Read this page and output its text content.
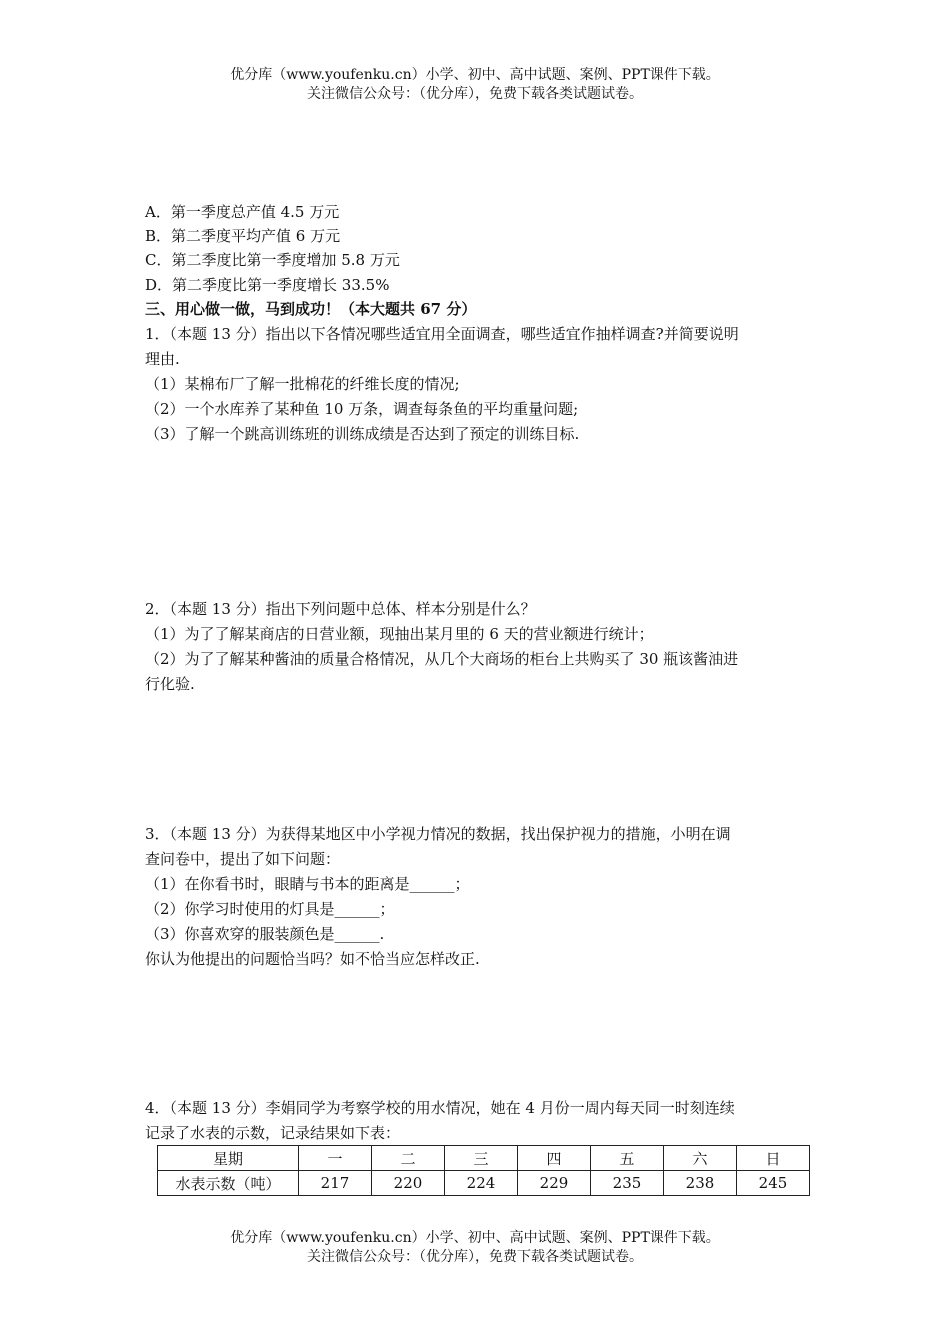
优分库（www.youfenku.cn）小学、初中、高中试题、案例、PPT课件下载。
关注微信公众号：（优分库），免费下载各类试题试卷。
A．第一季度总产值 4.5 万元
B．第二季度平均产值 6 万元
C．第二季度比第一季度增加 5.8 万元
D．第二季度比第一季度增长 33.5%
三、用心做一做，马到成功！（本大题共 67 分）
1．（本题 13 分）指出以下各情况哪些适宜用全面调查，哪些适宜作抽样调查?并简要说明
理由.
（1）某棉布厂了解一批棉花的纤维长度的情况;
（2）一个水库养了某种鱼 10 万条，调查每条鱼的平均重量问题;
（3）了解一个跳高训练班的训练成绩是否达到了预定的训练目标.
2．（本题 13 分）指出下列问题中总体、样本分别是什么？
（1）为了了解某商店的日营业额，现抽出某月里的 6 天的营业额进行统计；
（2）为了了解某种酱油的质量合格情况，从几个大商场的柜台上共购买了 30 瓶该酱油进
行化验.
3．（本题 13 分）为获得某地区中小学视力情况的数据，找出保护视力的措施，小明在调
查问卷中，提出了如下问题：
（1）在你看书时，眼睛与书本的距离是______；
（2）你学习时使用的灯具是______；
（3）你喜欢穿的服装颜色是______.
你认为他提出的问题恰当吗？如不恰当应怎样改正.
4．（本题 13 分）李娟同学为考察学校的用水情况，她在 4 月份一周内每天同一时刻连续
记录了水表的示数，记录结果如下表：
星期	一	二	三	四	五	六	日
水表示数（吨）	217	220	224	229	235	238	245
优分库（www.youfenku.cn）小学、初中、高中试题、案例、PPT课件下载。
关注微信公众号：（优分库），免费下载各类试题试卷。
